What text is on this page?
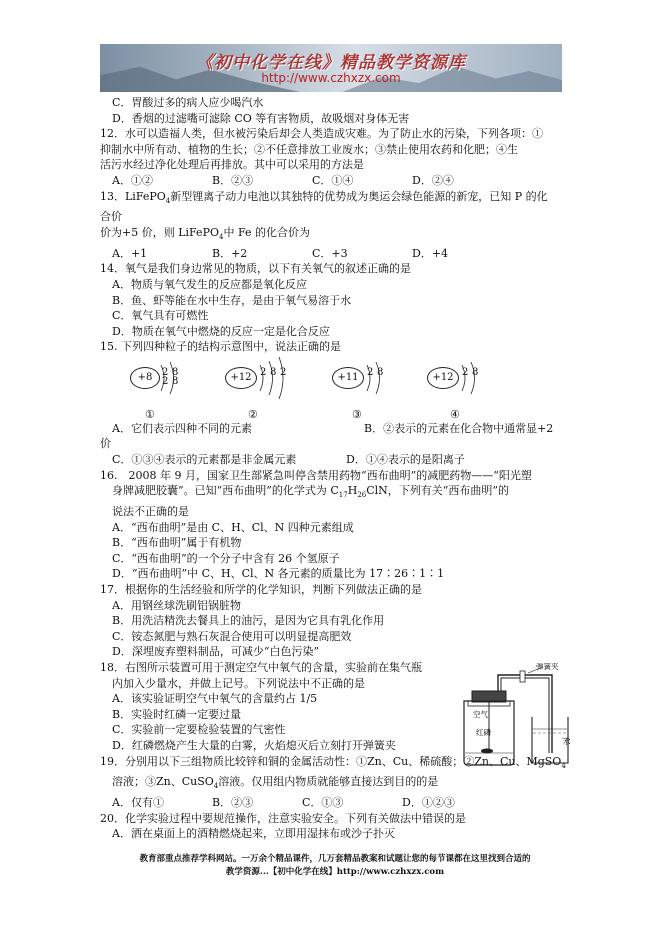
《初中化学在线》精品教学资源库
http://www.czhxzx.com
C．胃酸过多的病人应少喝汽水
D．香烟的过滤嘴可滤除 CO 等有害物质，故吸烟对身体无害
12．水可以造福人类，但水被污染后却会人类造成灾难。为了防止水的污染，下列各项：①
抑制水中所有动、植物的生长；②不任意排放工业废水；③禁止使用农药和化肥；④生
活污水经过净化处理后再排放。其中可以采用的方法是
A．①②	B．②③	C．①④	D．②④
13．LiFePO$_4$新型锂离子动力电池以其独特的优势成为奥运会绿色能源的新宠，已知 P 的化
合价
价为+5 价，则 LiFePO$_4$中 Fe 的化合价为
A．+1	B．+2	C．+3	D．+4
14．氧气是我们身边常见的物质，以下有关氧气的叙述正确的是
A．物质与氧气发生的反应都是氧化反应
B．鱼、虾等能在水中生存，是由于氧气易溶于水
C．氧气具有可燃性
D．物质在氧气中燃烧的反应一定是化合反应
15. 下列四种粒子的结构示意图中，说法正确的是
+8 2
2
8
8	+12 2 8 2	+11 2 8	+12 2 8
①	②	③	④
A．它们表示四种不同的元素	B．②表示的元素在化合物中通常显+2
价
C．①③④表示的元素都是非金属元素	D．①④表示的是阳离子
16.　2008 年 9 月，国家卫生部紧急叫停含禁用药物“西布曲明”的减肥药物——“阳光塑
身牌减肥胶囊”。已知“西布曲明”的化学式为 $C_{17}H_{26}ClN$，下列有关“西布曲明”的
说法不正确的是
A．“西布曲明”是由 C、H、Cl、N 四种元素组成
B．“西布曲明”属于有机物
C．“西布曲明”的一个分子中含有 26 个氢原子
D．“西布曲明”中 C、H、Cl、N 各元素的质量比为 17∶26∶1∶1
17．根据你的生活经验和所学的化学知识，判断下列做法正确的是
A．用钢丝球洗刷铝锅脏物
B．用洗洁精洗去餐具上的油污，是因为它具有乳化作用
C．铵态氮肥与熟石灰混合使用可以明显提高肥效
D．深埋废弃塑料制品，可减少“白色污染”
18．右图所示装置可用于测定空气中氧气的含量，实验前在集气瓶
内加入少量水，并做上记号。下列说法中不正确的是
A．该实验证明空气中氧气的含量约占 1/5
B．实验时红磷一定要过量
C．实验前一定要检验装置的气密性
D．红磷燃烧产生大量的白雾，火焰熄灭后立刻打开弹簧夹
19．分别用以下三组物质比较锌和铜的金属活动性：①Zn、Cu、稀硫酸；②Zn、Cu、MgSO$_4$
溶液；③Zn、CuSO$_4$溶液。仅用组内物质就能够直接达到目的的是
A．仅有①	B．②③	C．①③	D．①②③
20．化学实验过程中要规范操作，注意实验安全。下列有关做法中错误的是
A．洒在桌面上的酒精燃烧起来，立即用湿抹布或沙子扑灭
弹簧夹
空气
红磷
水
教育部重点推荐学科网站。一万余个精品课件，几万套精品教案和试题让您的每节课都在这里找到合适的
教学资源...【初中化学在线】http://www.czhxzx.com
